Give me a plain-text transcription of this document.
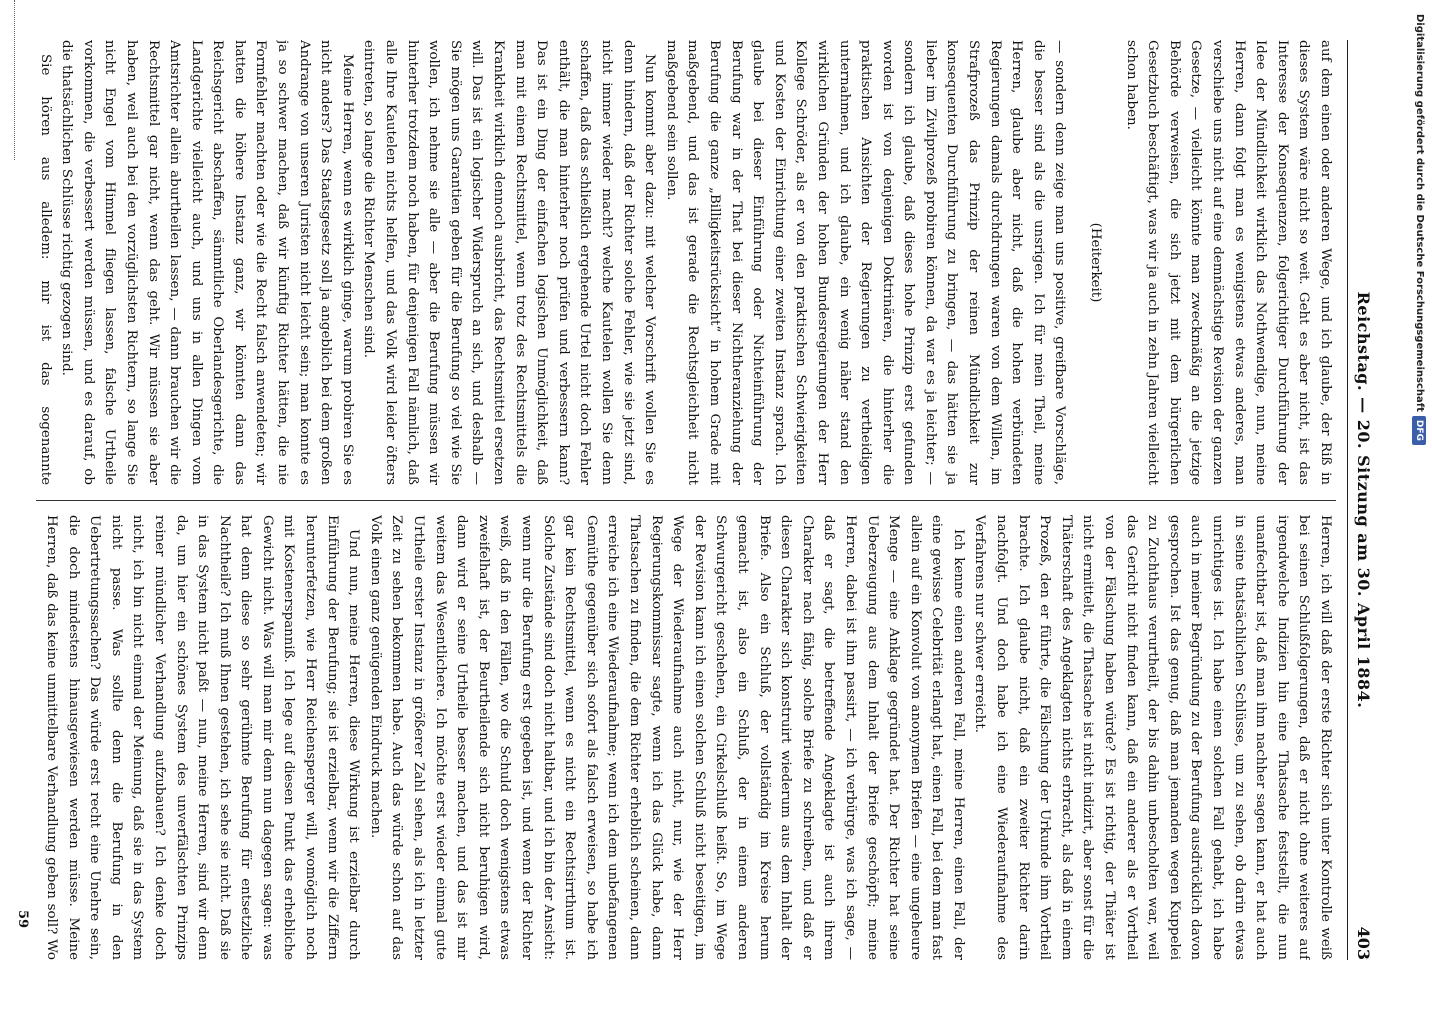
Reichstag. — 20. Sitzung am 30. April 1884.
403

auf dem einen oder anderen Wege, und ich glaube, der Riß in dieses System wäre nicht so weit. Geht es aber nicht, ist das Interesse der Konsequenzen, folgerichtiger Durchführung der Idee der Mündlichkeit wirklich das Nothwendige, nun, meine Herren, dann folgt man es wenigstens etwas anderes, man verschiebe uns nicht auf eine demnächstige Revision der ganzen Gesetze, — vielleicht könnte man zweckmäßig an die jetzige Behörde verweisen, die sich jetzt mit dem bürgerlichen Gesetzbuch beschäftigt, was wir ja auch in zehn Jahren vielleicht schon haben.

(Heiterkeit)

— sondern denn zeige man uns positive, greifbare Vorschläge, die besser sind als die unsrigen. Ich für mein Theil, meine Herren, glaube aber nicht, daß die hohen verbündeten Regierungen damals durchdrungen waren von dem Willen, im Strafprozeß das Prinzip der reinen Mündlichkeit zur konsequenten Durchführung zu bringen, — das hätten sie ja lieber im Zivilprozeß probiren können, da war es ja leichter; — sondern ich glaube, daß dieses hohe Prinzip erst gefunden worden ist von denjenigen Doktrinären, die hinterher die praktischen Ansichten der Regierungen zu vertheidigen unternahmen, und ich glaube, ein wenig näher stand den wirklichen Gründen der hohen Bundesregierungen der Herr Kollege Schröder, als er von den praktischen Schwierigkeiten und Kosten der Einrichtung einer zweiten Instanz sprach. Ich glaube bei dieser Einführung oder Nichteinführung der Berufung war in der That bei dieser Nichtheranziehung der Berufung die ganze „Billigkeitsrücksicht“ in hohem Grade mit maßgebend, und das ist gerade die Rechtsgleichheit nicht maßgebend sein sollen.

Nun kommt aber dazu: mit welcher Vorschrift wollen Sie es denn hindern, daß der Richter solche Fehler, wie sie jetzt sind, nicht immer wieder macht? welche Kautelen wollen Sie denn schaffen, daß das schließlich ergehende Urtel nicht doch Fehler enthält, die man hinterher noch prüfen und verbessern kann? Das ist ein Ding der einfachen logischen Unmöglichkeit, daß man mit einem Rechtsmittel, wenn trotz des Rechtsmittels die Krankheit wirklich dennoch ausbricht, das Rechtsmittel ersetzen will. Das ist ein logischer Widerspruch an sich, und deshalb — Sie mögen uns Garantien geben für die Berufung so viel wie Sie wollen, ich nehme sie alle — aber die Berufung müssen wir hinterher trotzdem noch haben, für denjenigen Fall nämlich, daß alle Ihre Kautelen nichts helfen, und das Volk wird leider öfters eintreten, so lange die Richter Menschen sind.

Meine Herren, wenn es wirklich ginge, warum probiren Sie es nicht anders? Das Staatsgesetz soll ja angeblich bei dem großen Andrange von unseren Juristen nicht leicht sein; man konnte es ja so schwer machen, daß wir künftig Richter hätten, die nie Formfehler machten oder wie die Recht falsch anwendeten; wir hatten die höhere Instanz ganz, wir könnten dann das Reichsgericht abschaffen, sämmtliche Oberlandesgerichte, die Landgerichte vielleicht auch, und uns in allen Dingen vom Amtsrichter allein aburtheilen lassen, — dann brauchen wir die Rechtsmittel gar nicht, wenn das geht. Wir müssen sie aber haben, weil auch bei den vorzüglichsten Richtern, so lange Sie nicht Engel vom Himmel fliegen lassen, falsche Urtheile vorkommen, die verbessert werden müssen, und es darauf, ob die thatsächlichen Schlüsse richtig gezogen sind.

Sie hören aus alledem: mir ist das sogenannte

Herren, ich will daß der erste Richter sich unter Kontrolle weiß bei seinen Schlußfolgerungen, daß er nicht ohne weiteres auf irgendwelche Indizien hin eine Thatsache feststellt, die nun unanfechtbar ist, daß man ihm nachher sagen kann, er hat auch in seine thatsächlichen Schlüsse, um zu sehen, ob darin etwas unrichtiges ist. Ich habe einen solchen Fall gehabt, ich habe auch in meiner Begründung zu der Berufung ausdrücklich davon gesprochen. Ist das genug, daß man jemanden wegen Kuppelei zu Zuchthaus verurtheilt, der bis dahin unbescholten war, weil das Gericht nicht finden kann, daß ein anderer als er Vortheil von der Fälschung haben würde? Es ist richtig, der Thäter ist nicht ermittelt, die Thatsache ist nicht indizirt, aber sonst für die Thäterschaft des Angeklagten nichts erbracht, als daß in einem Prozeß, den er führte, die Fälschung der Urkunde ihm Vortheil brachte. Ich glaube nicht, daß ein zweiter Richter darin nachfolgt. Und doch habe ich eine Wiederaufnahme des Verfahrens nur schwer erreicht.

Ich kenne einen anderen Fall, meine Herren, einen Fall, der eine gewisse Celebrität erlangt hat, einen Fall, bei dem man fast allein auf ein Konvolut von anonymen Briefen — eine ungeheure Menge — eine Anklage gegründet hat. Der Richter hat seine Ueberzeugung aus dem Inhalt der Briefe geschöpft; meine Herren, dabei ist ihm passirt, — ich verbürge, was ich sage, — daß er sagt, die betreffende Angeklagte ist auch ihrem Charakter nach fähig, solche Briefe zu schreiben, und daß er diesen Charakter sich konstruirt wiederum aus dem Inhalt der Briefe. Also ein Schluß, der vollständig im Kreise herum gemacht ist, also ein Schluß, der in einem anderen Schwurgericht geschehen, ein Cirkelschluß heißt. So, im Wege der Revision kann ich einen solchen Schluß nicht beseitigen, im Wege der Wiederaufnahme auch nicht, nur, wie der Herr Regierungskommissar sagte, wenn ich das Glück habe, dann Thatsachen zu finden, die dem Richter erheblich scheinen, dann erreiche ich eine Wiederaufnahme; wenn ich dem unbefangenen Gemüthe gegenüber sich sofort als falsch erweisen, so habe ich gar kein Rechtsmittel, wenn es nicht ein Rechtsirrthum ist. Solche Zustände sind doch nicht haltbar, und ich bin der Ansicht: wenn nur die Berufung erst gegeben ist, und wenn der Richter weiß, daß in den Fällen, wo die Schuld doch wenigstens etwas zweifelhaft ist, der Beurtheilende sich nicht beruhigen wird, dann wird er seine Urtheile besser machen, und das ist mir weitem das Wesentlichere. Ich möchte erst wieder einmal gute Urtheile erster Instanz in größerer Zahl sehen, als ich in letzter Zeit zu sehen bekommen habe. Auch das würde schon auf das Volk einen ganz genügenden Eindruck machen.

Und nun, meine Herren, diese Wirkung ist erzielbar durch Einführung der Berufung; sie ist erzielbar, wenn wir die Ziffern herunterfetzen, wie Herr Reichensperger will, womöglich noch mit Kostenerspanniß. Ich lege auf diesen Punkt das erhebliche Gewicht nicht. Was will man mir denn nun dagegen sagen: was hat denn diese so sehr gerühmte Berufung für entsetzliche Nachtheile? Ich muß Ihnen gestehen, ich sehe sie nicht. Daß sie in das System nicht paßt — nun, meine Herren, sind wir denn da, um hier ein schönes System des unverfälschten Prinzips reiner mündlicher Verhandlung aufzubauen? Ich denke doch nicht, ich bin nicht einmal der Meinung, daß sie in das System nicht passe. Was sollte denn die Berufung in den Uebertretungssachen? Das würde erst recht eine Unehre sein, die doch mindestens hinausgewiesen werden müsse. Meine Herren, daß das keine unmittelbare Verhandlung geben soll? Wo

59
Digitalisierung gefördert durch die Deutsche ForschungsgemeinschaftDFG
